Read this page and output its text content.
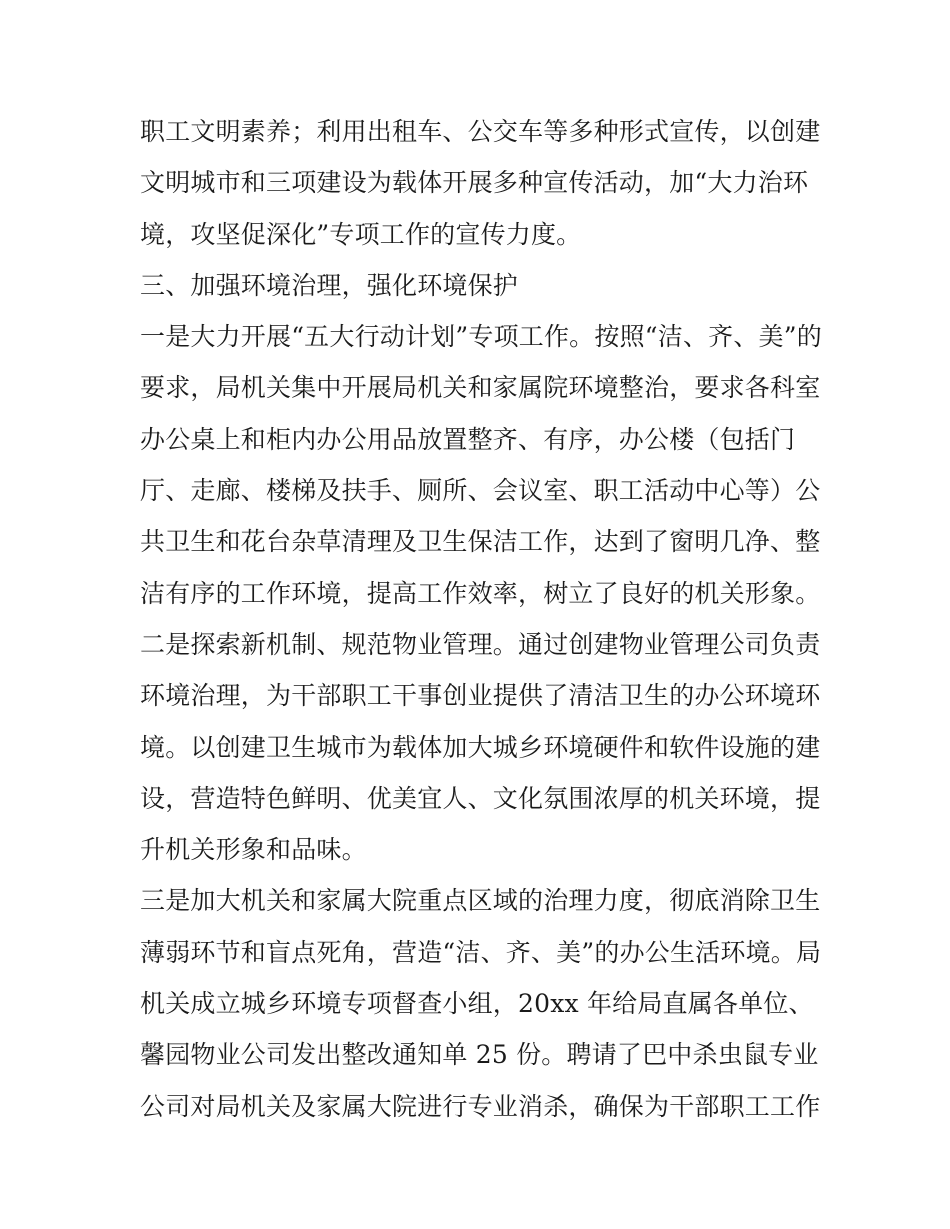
职工文明素养；利用出租车、公交车等多种形式宣传，以创建
文明城市和三项建设为载体开展多种宣传活动，加“大力治环
境，攻坚促深化”专项工作的宣传力度。
三、加强环境治理，强化环境保护
一是大力开展“五大行动计划”专项工作。按照“洁、齐、美”的
要求，局机关集中开展局机关和家属院环境整治，要求各科室
办公桌上和柜内办公用品放置整齐、有序，办公楼（包括门
厅、走廊、楼梯及扶手、厕所、会议室、职工活动中心等）公
共卫生和花台杂草清理及卫生保洁工作，达到了窗明几净、整
洁有序的工作环境，提高工作效率，树立了良好的机关形象。
二是探索新机制、规范物业管理。通过创建物业管理公司负责
环境治理，为干部职工干事创业提供了清洁卫生的办公环境环
境。以创建卫生城市为载体加大城乡环境硬件和软件设施的建
设，营造特色鲜明、优美宜人、文化氛围浓厚的机关环境，提
升机关形象和品味。
三是加大机关和家属大院重点区域的治理力度，彻底消除卫生
薄弱环节和盲点死角，营造“洁、齐、美”的办公生活环境。局
机关成立城乡环境专项督查小组，20xx 年给局直属各单位、
馨园物业公司发出整改通知单 25 份。聘请了巴中杀虫鼠专业
公司对局机关及家属大院进行专业消杀，确保为干部职工工作
